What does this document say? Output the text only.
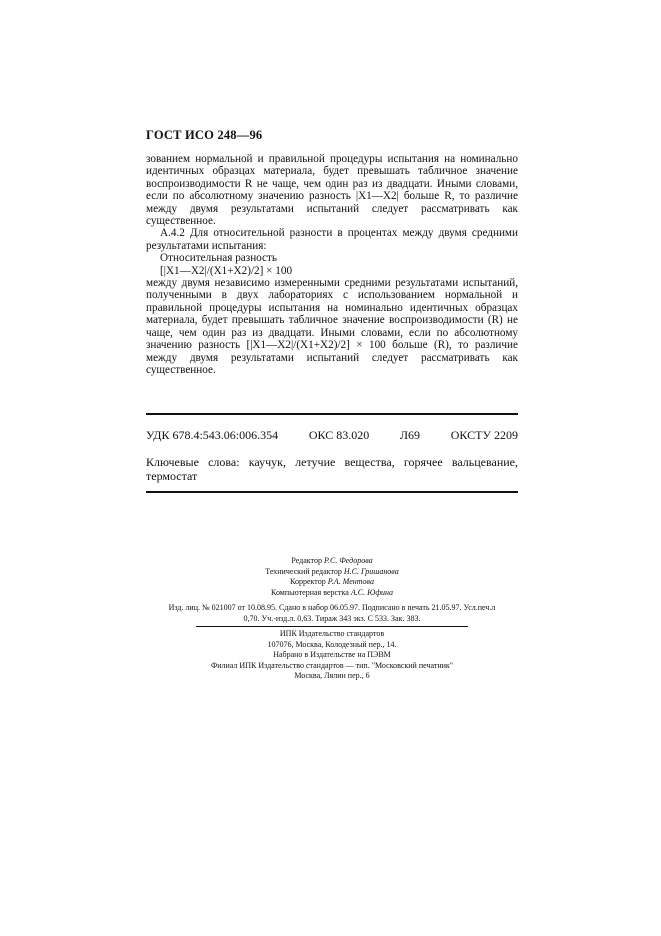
ГОСТ ИСО 248—96

зованием нормальной и правильной процедуры испытания на номинально идентичных образцах материала, будет превышать табличное значение воспроизводимости R не чаще, чем один раз из двадцати. Иными словами, если по абсолютному значению разность |X1—X2| больше R, то различие между двумя результатами испытаний следует рассматривать как существенное.

А.4.2 Для относительной разности в процентах между двумя средними результатами испытания:

Относительная разность

[|X1—X2|/(X1+X2)/2] × 100

между двумя независимо измеренными средними результатами испытаний, полученными в двух лабораториях с использованием нормальной и правильной процедуры испытания на номинально идентичных образцах материала, будет превышать табличное значение воспроизводимости (R) не чаще, чем один раз из двадцати. Иными словами, если по абсолютному значению разность [|X1—X2|/(X1+X2)/2] × 100 больше (R), то различие между двумя результатами испытаний следует рассматривать как существенное.

УДК 678.4:543.06:006.354	ОКС 83.020	Л69	ОКСТУ 2209
Ключевые слова: каучук, летучие вещества, горячее вальцевание, термостат
Редактор Р.С. Федорова
Технический редактор Н.С. Гришанова
Корректор Р.А. Ментова
Компьютерная верстка А.С. Юфина
Изд. лиц. № 021007 от 10.08.95. Сдано в набор 06.05.97. Подписано в печать 21.05.97. Усл.печ.л
0,70. Уч.-изд.л. 0,63. Тираж 343 экз. С 533. Зак. 383.
ИПК Издательство стандартов
107076, Москва, Колодезный пер., 14.
Набрано в Издательстве на ПЭВМ
Филиал ИПК Издательство стандартов — тип. "Московский печатник"
Москва, Лялин пер., 6
